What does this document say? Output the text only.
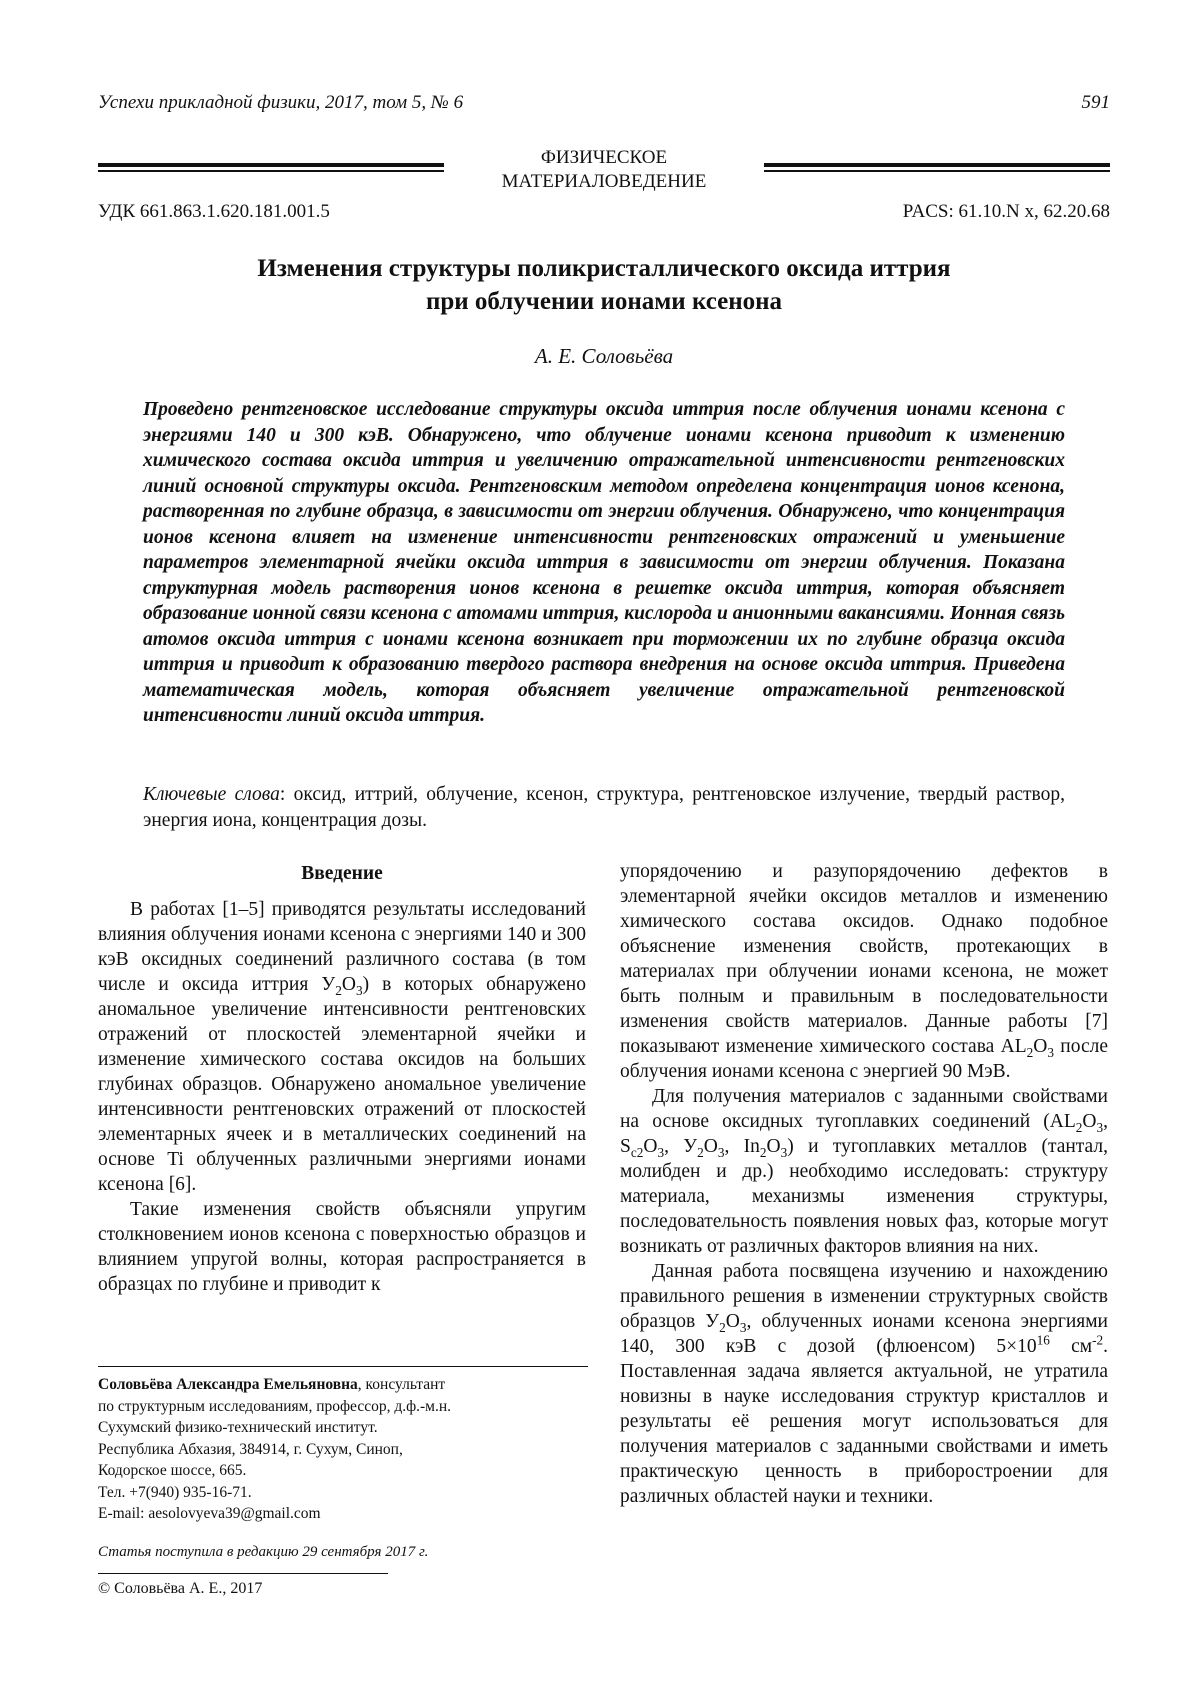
Успехи прикладной физики, 2017, том 5, № 6	591
ФИЗИЧЕСКОЕ
МАТЕРИАЛОВЕДЕНИЕ
УДК 661.863.1.620.181.001.5	PACS: 61.10.N x, 62.20.68
Изменения структуры поликристаллического оксида иттрия
при облучении ионами ксенона
А. Е. Соловьёва

Проведено рентгеновское исследование структуры оксида иттрия после облучения ионами ксенона с энергиями 140 и 300 кэВ. Обнаружено, что облучение ионами ксенона приводит к изменению химического состава оксида иттрия и увеличению отражательной интенсивности рентгеновских линий основной структуры оксида. Рентгеновским методом определена концентрация ионов ксенона, растворенная по глубине образца, в зависимости от энергии облучения. Обнаружено, что концентрация ионов ксенона влияет на изменение интенсивности рентгеновских отражений и уменьшение параметров элементарной ячейки оксида иттрия в зависимости от энергии облучения. Показана структурная модель растворения ионов ксенона в решетке оксида иттрия, которая объясняет образование ионной связи ксенона с атомами иттрия, кислорода и анионными вакансиями. Ионная связь атомов оксида иттрия с ионами ксенона возникает при торможении их по глубине образца оксида иттрия и приводит к образованию твердого раствора внедрения на основе оксида иттрия. Приведена математическая модель, которая объясняет увеличение отражательной рентгеновской интенсивности линий оксида иттрия.

Ключевые слова: оксид, иттрий, облучение, ксенон, структура, рентгеновское излучение, твердый раствор, энергия иона, концентрация дозы.

Введение

В работах [1–5] приводятся результаты исследований влияния облучения ионами ксенона с энергиями 140 и 300 кэВ оксидных соединений различного состава (в том числе и оксида иттрия $У_2O_3$) в которых обнаружено аномальное увеличение интенсивности рентгеновских отражений от плоскостей элементарной ячейки и изменение химического состава оксидов на больших глубинах образцов. Обнаружено аномальное увеличение интенсивности рентгеновских отражений от плоскостей элементарных ячеек и в металлических соединений на основе Ti облученных различными энергиями ионами ксенона [6].

Такие изменения свойств объясняли упругим столкновением ионов ксенона с поверхностью образцов и влиянием упругой волны, которая распространяется в образцах по глубине и приводит к

упорядочению и разупорядочению дефектов в элементарной ячейки оксидов металлов и изменению химического состава оксидов. Однако подобное объяснение изменения свойств, протекающих в материалах при облучении ионами ксенона, не может быть полным и правильным в последовательности изменения свойств материалов. Данные работы [7] показывают изменение химического состава $AL_2O_3$ после облучения ионами ксенона с энергией 90 МэВ.

Для получения материалов с заданными свойствами на основе оксидных тугоплавких соединений ($AL_2O_3$, $S_{c2}O_3$, $У_2O_3$, $In_2O_3$) и тугоплавких металлов (тантал, молибден и др.) необходимо исследовать: структуру материала, механизмы изменения структуры, последовательность появления новых фаз, которые могут возникать от различных факторов влияния на них.

Данная работа посвящена изучению и нахождению правильного решения в изменении структурных свойств образцов $У_2O_3$, облученных ионами ксенона энергиями 140, 300 кэВ с дозой (флюенсом) $5\times 10^{16}$ $см^{-2}$. Поставленная задача является актуальной, не утратила новизны в науке исследования структур кристаллов и результаты её решения могут использоваться для получения материалов с заданными свойствами и иметь практическую ценность в приборостроении для различных областей науки и техники.

Соловьёва Александра Емельяновна, консультант
по структурным исследованиям, профессор, д.ф.-м.н.
Сухумский физико-технический институт.
Республика Абхазия, 384914, г. Сухум, Синоп,
Кодорское шоссе, 665.
Тел. +7(940) 935-16-71.
E-mail: aesolovyeva39@gmail.com
Статья поступила в редакцию 29 сентября 2017 г.
© Соловьёва А. Е., 2017
